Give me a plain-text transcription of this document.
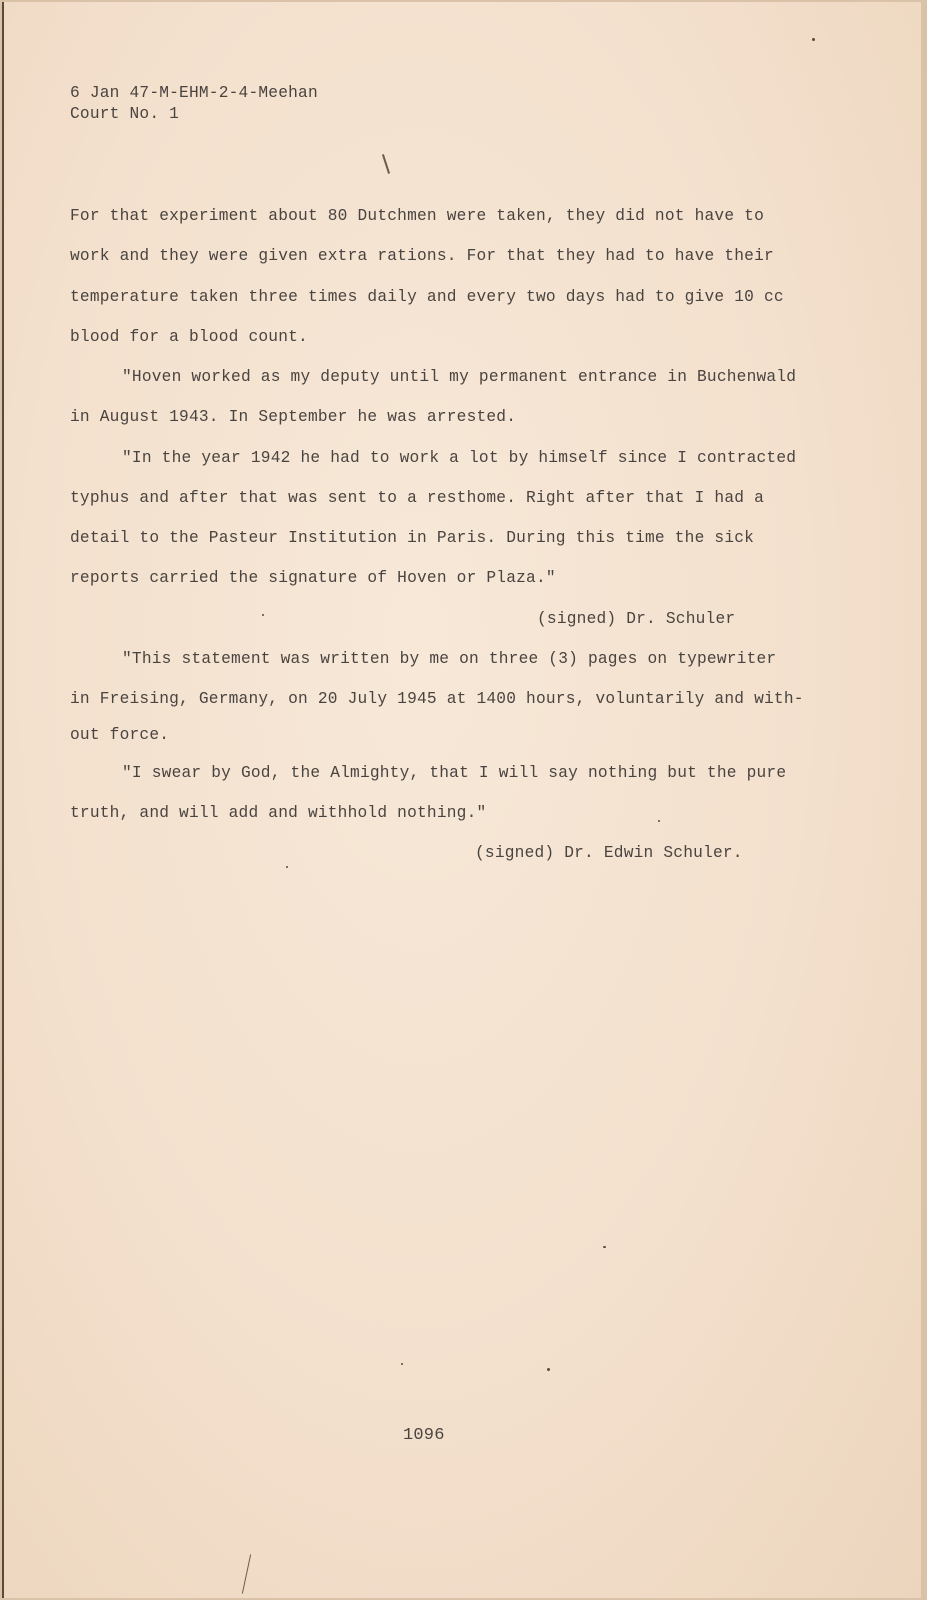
6 Jan 47-M-EHM-2-4-Meehan
Court No. 1
For that experiment about 80 Dutchmen were taken, they did not have to
work and they were given extra rations. For that they had to have their
temperature taken three times daily and every two days had to give 10 cc
blood for a blood count.
"Hoven worked as my deputy until my permanent entrance in Buchenwald
in August 1943. In September he was arrested.
"In the year 1942 he had to work a lot by himself since I contracted
typhus and after that was sent to a resthome. Right after that I had a
detail to the Pasteur Institution in Paris. During this time the sick
reports carried the signature of Hoven or Plaza."
(signed) Dr. Schuler
"This statement was written by me on three (3) pages on typewriter
in Freising, Germany, on 20 July 1945 at 1400 hours, voluntarily and with-
out force.
"I swear by God, the Almighty, that I will say nothing but the pure
truth, and will add and withhold nothing."
(signed) Dr. Edwin Schuler.
1096
